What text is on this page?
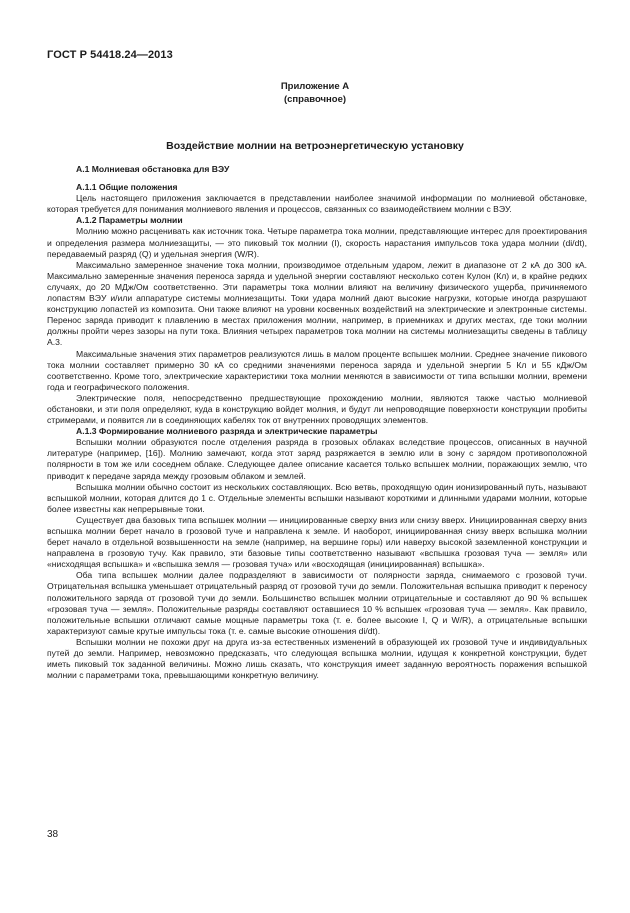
ГОСТ Р 54418.24—2013
Приложение А
(справочное)
Воздействие молнии на ветроэнергетическую установку

А.1 Молниевая обстановка для ВЭУ

А.1.1 Общие положения

Цель настоящего приложения заключается в представлении наиболее значимой информации по молниевой обстановке, которая требуется для понимания молниевого явления и процессов, связанных со взаимодействием молнии с ВЭУ.

А.1.2 Параметры молнии

Молнию можно расценивать как источник тока. Четыре параметра тока молнии, представляющие интерес для проектирования и определения размера молниезащиты, — это пиковый ток молнии (I), скорость нарастания импульсов тока удара молнии (di/dt), передаваемый разряд (Q) и удельная энергия (W/R).

Максимально замеренное значение тока молнии, производимое отдельным ударом, лежит в диапазоне от 2 кА до 300 кА. Максимально замеренные значения переноса заряда и удельной энергии составляют несколько сотен Кулон (Кл) и, в крайне редких случаях, до 20 МДж/Ом соответственно. Эти параметры тока молнии влияют на величину физического ущерба, причиняемого лопастям ВЭУ и/или аппаратуре системы молниезащиты. Токи удара молний дают высокие нагрузки, которые иногда разрушают конструкцию лопастей из композита. Они также влияют на уровни косвенных воздействий на электрические и электронные системы. Перенос заряда приводит к плавлению в местах приложения молнии, например, в приемниках и других местах, где токи молнии должны пройти через зазоры на пути тока. Влияния четырех параметров тока молнии на системы молниезащиты сведены в таблицу А.3.

Максимальные значения этих параметров реализуются лишь в малом проценте вспышек молнии. Среднее значение пикового тока молнии составляет примерно 30 кА со средними значениями переноса заряда и удельной энергии 5 Кл и 55 кДж/Ом соответственно. Кроме того, электрические характеристики тока молнии меняются в зависимости от типа вспышки молнии, времени года и географического положения.

Электрические поля, непосредственно предшествующие прохождению молнии, являются также частью молниевой обстановки, и эти поля определяют, куда в конструкцию войдет молния, и будут ли непроводящие поверхности конструкции пробиты стримерами, и появится ли в соединяющих кабелях ток от внутренних проводящих элементов.

А.1.3 Формирование молниевого разряда и электрические параметры

Вспышки молнии образуются после отделения разряда в грозовых облаках вследствие процессов, описанных в научной литературе (например, [16]). Молнию замечают, когда этот заряд разряжается в землю или в зону с зарядом противоположной полярности в том же или соседнем облаке. Следующее далее описание касается только вспышек молнии, поражающих землю, что приводит к передаче заряда между грозовым облаком и землей.

Вспышка молнии обычно состоит из нескольких составляющих. Всю ветвь, проходящую один ионизированный путь, называют вспышкой молнии, которая длится до 1 с. Отдельные элементы вспышки называют короткими и длинными ударами молнии, которые более известны как непрерывные токи.

Существует два базовых типа вспышек молнии — инициированные сверху вниз или снизу вверх. Инициированная сверху вниз вспышка молнии берет начало в грозовой туче и направлена к земле. И наоборот, инициированная снизу вверх вспышка молнии берет начало в отдельной возвышенности на земле (например, на вершине горы) или наверху высокой заземленной конструкции и направлена в грозовую тучу. Как правило, эти базовые типы соответственно называют «вспышка грозовая туча — земля» или «нисходящая вспышка» и «вспышка земля — грозовая туча» или «восходящая (инициированная) вспышка».

Оба типа вспышек молнии далее подразделяют в зависимости от полярности заряда, снимаемого с грозовой тучи. Отрицательная вспышка уменьшает отрицательный разряд от грозовой тучи до земли. Положительная вспышка приводит к переносу положительного заряда от грозовой тучи до земли. Большинство вспышек молнии отрицательные и составляют до 90 % вспышек «грозовая туча — земля». Положительные разряды составляют оставшиеся 10 % вспышек «грозовая туча — земля». Как правило, положительные вспышки отличают самые мощные параметры тока (т. е. более высокие I, Q и W/R), а отрицательные вспышки характеризуют самые крутые импульсы тока (т. е. самые высокие отношения di/dt).

Вспышки молнии не похожи друг на друга из-за естественных изменений в образующей их грозовой туче и индивидуальных путей до земли. Например, невозможно предсказать, что следующая вспышка молнии, идущая к конкретной конструкции, будет иметь пиковый ток заданной величины. Можно лишь сказать, что конструкция имеет заданную вероятность поражения вспышкой молнии с параметрами тока, превышающими конкретную величину.

38
